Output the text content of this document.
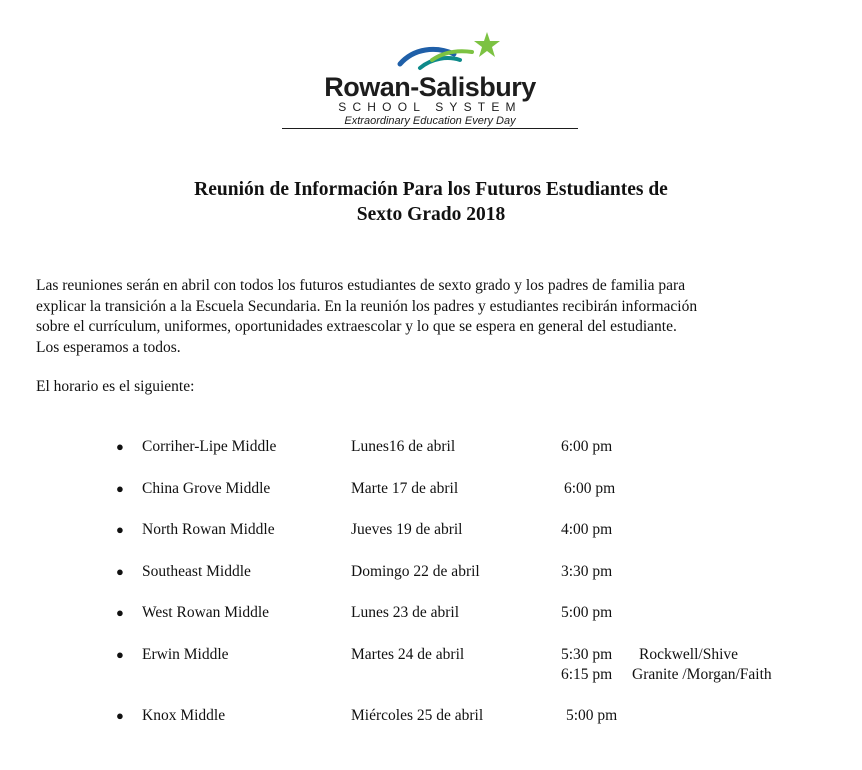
Rowan-Salisbury
SCHOOL SYSTEM
Extraordinary Education Every Day
Reunión de Información Para los Futuros Estudiantes de
Sexto Grado 2018

Las reuniones serán en abril con todos los futuros estudiantes de sexto grado y los padres de familia para
explicar la transición a la Escuela Secundaria. En la reunión los padres y estudiantes recibirán información
sobre el currículum, uniformes, oportunidades extraescolar y lo que se espera en general del estudiante.
Los esperamos a todos.

El horario es el siguiente:

● Corriher-Lipe Middle	Lunes16 de abril	6:00 pm
● China Grove Middle	Marte 17 de abril	6:00 pm
● North Rowan Middle	Jueves 19 de abril	4:00 pm
● Southeast Middle	Domingo 22 de abril	3:30 pm
● West Rowan Middle	Lunes 23 de abril	5:00 pm
● Erwin Middle	Martes 24 de abril	5:30 pm Rockwell/Shive
6:15 pm Granite /Morgan/Faith
● Knox Middle	Miércoles 25 de abril	5:00 pm
